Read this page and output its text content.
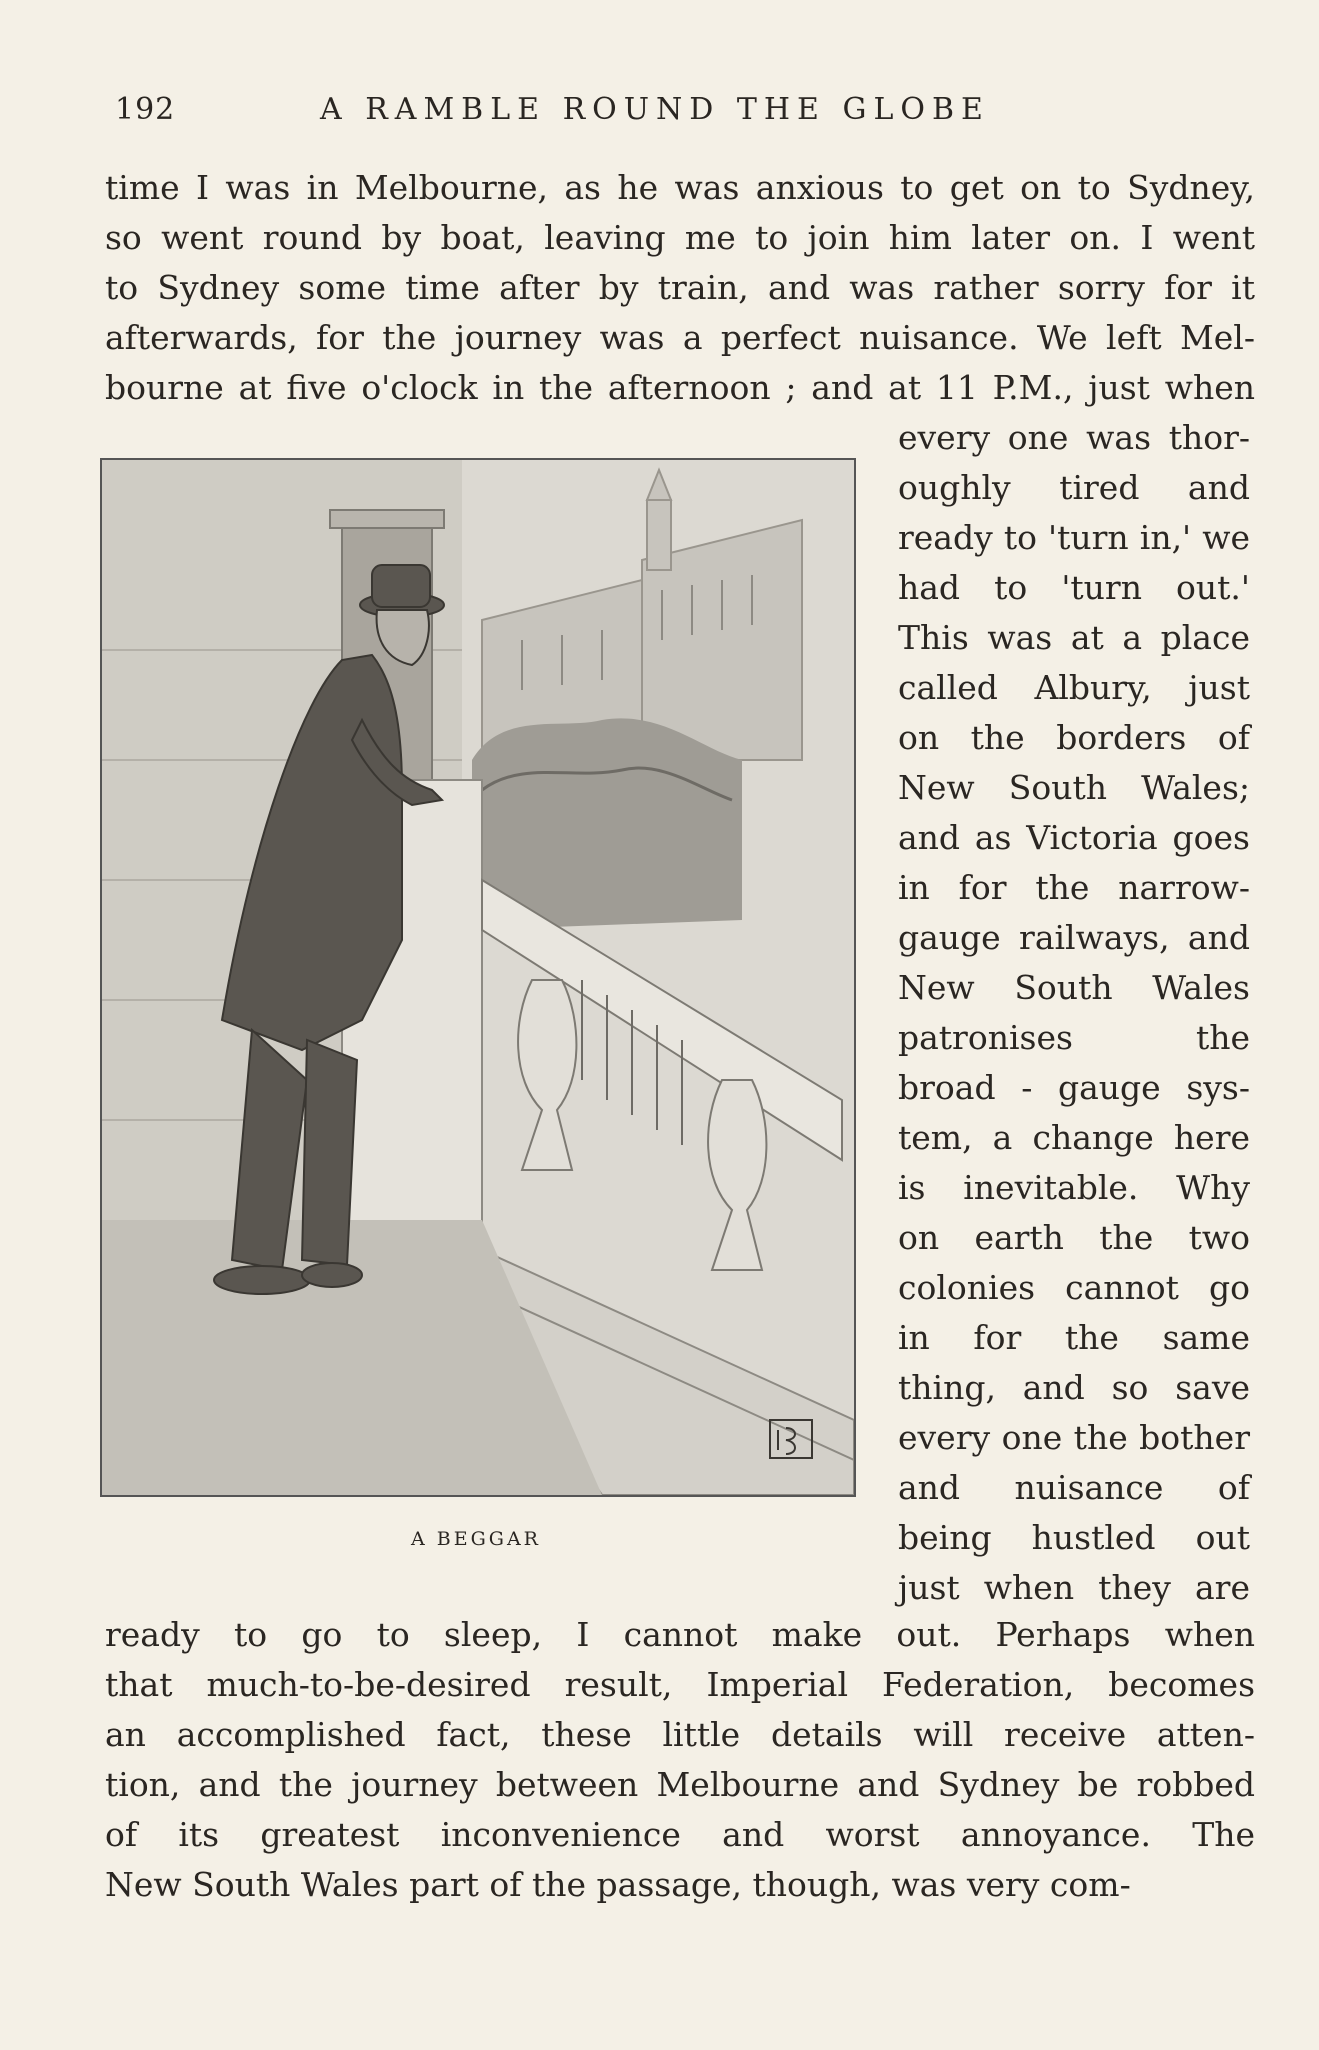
192	A RAMBLE ROUND THE GLOBE
time I was in Melbourne, as he was anxious to get on to Sydney,
so went round by boat, leaving me to join him later on. I went
to Sydney some time after by train, and was rather sorry for it
afterwards, for the journey was a perfect nuisance. We left Mel-
bourne at five o'clock in the afternoon ; and at 11 P.M., just when
every one was thor-
oughly tired and
ready to 'turn in,' we
had to 'turn out.'
This was at a place
called Albury, just
on the borders of
New South Wales;
and as Victoria goes
in for the narrow-
gauge railways, and
New South Wales
patronises the
broad - gauge sys-
tem, a change here
is inevitable. Why
on earth the two
colonies cannot go
in for the same
thing, and so save
every one the bother
and nuisance of
being hustled out
just when they are
ready to go to sleep, I cannot make out. Perhaps when
that much-to-be-desired result, Imperial Federation, becomes
an accomplished fact, these little details will receive atten-
tion, and the journey between Melbourne and Sydney be robbed
of its greatest inconvenience and worst annoyance. The
New South Wales part of the passage, though, was very com-
A BEGGAR
